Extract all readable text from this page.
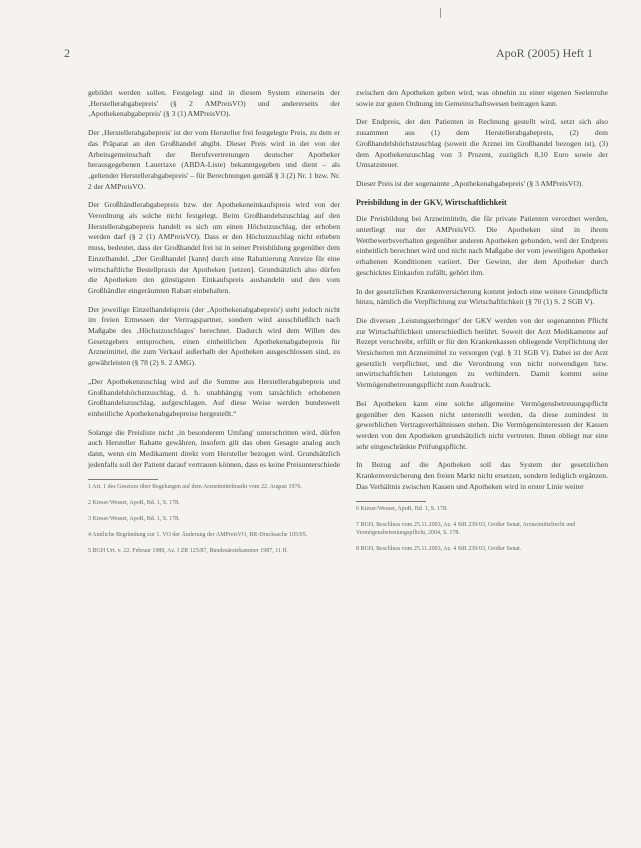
2	ApoR (2005) Heft 1

gebildet werden sollen. Festgelegt sind in diesem System einerseits der ‚Herstellerabgabepreis' (§ 2 AMPreisVO) und andererseits der ‚Apothekenabgabepreis' (§ 3 (1) AMPreisVO).

Der ‚Herstellerabgabepreis' ist der vom Hersteller frei festgelegte Preis, zu dem er das Präparat an den Großhandel abgibt. Dieser Preis wird in der von der Arbeitsgemeinschaft der Berufsvertretungen deutscher Apotheker herausgegebenen Lauertaxe (ABDA-Liste) bekanntgegeben und dient – als ‚geltender Herstellerabgabepreis' – für Berechnungen gemäß § 3 (2) Nr. 1 bzw. Nr. 2 der AMPreisVO.

Der Großhändlerabgabepreis bzw. der Apothekeneinkaufspreis wird von der Verordnung als solche nicht festgelegt. Beim Großhandelszuschlag auf den Herstellerabgabepreis handelt es sich um einen Höchstzuschlag, der erhoben werden darf (§ 2 (1) AMPreisVO). Dass er den Höchstzuschlag nicht erheben muss, bedeutet, dass der Großhandel frei ist in seiner Preisbildung gegenüber dem Einzelhandel. „Der Großhandel [kann] durch eine Rabattierung Anreize für eine wirtschaftliche Bestellpraxis der Apotheken [setzen]. Grundsätzlich also dürfen die Apotheken den günstigsten Einkaufspreis aushandeln und den vom Großhändler eingeräumten Rabatt einbehalten.

Der jeweilige Einzelhandelspreis (der ‚Apothekenabgabepreis') steht jedoch nicht im freien Ermessen der Vertragspartner, sondern wird ausschließlich nach Maßgabe des ‚Höchstzuschlages' berechnet. Dadurch wird dem Willen des Gesetzgebers entsprochen, einen einheitlichen Apothekenabgabepreis für Arzneimittel, die zum Verkauf außerhalb der Apotheken ausgeschlossen sind, zu gewährleisten (§ 78 (2) S. 2 AMG).

„Der Apothekenzuschlag wird auf die Summe aus Herstellerabgabepreis und Großhandelshöchstzuschlag, d. h. unabhängig vom tatsächlich erhobenen Großhandelszuschlag, aufgeschlagen. Auf diese Weise werden bundesweit einheitliche Apothekenabgabepreise hergestellt.“

Solange die Preisliste nicht ‚in besonderem Umfang' unterschritten wird, dürfen auch Hersteller Rabatte gewähren, insofern gilt das oben Gesagte analog auch dann, wenn ein Medikament direkt vom Hersteller bezogen wird. Grundsätzlich jedenfalls soll der Patient darauf vertrauen können, dass es keine Preisunterschiede

1 Art. 1 des Gesetzes über Regelungen auf dem Arzneimittelmarkt vom 22. August 1976.

2 Kieser/Wesser, ApoR, Bd. 1, S. 178.

3 Kieser/Wesser, ApoR, Bd. 1, S. 178.

4 Amtliche Begründung zur 1. VO der Änderung der AMPreisVO, BR-Drucksache 105/05.

5 BGH Urt. v. 22. Februar 1989, Az. I ZR 125/87, Bundesärztekammer 1987, 11 ff.

zwischen den Apotheken geben wird, was ohnehin zu einer eigenen Seelenruhe sowie zur guten Ordnung im Gemeinschaftswesen beitragen kann.

Der Endpreis, der den Patienten in Rechnung gestellt wird, setzt sich also zusammen aus (1) dem Herstellerabgabepreis, (2) dem Großhandelshöchstzuschlag (soweit die Arznei im Großhandel bezogen ist), (3) dem Apothekenzuschlag von 3 Prozent, zuzüglich 8,10 Euro sowie der Umsatzsteuer.

Dieser Preis ist der sogenannte ‚Apothekenabgabepreis' (§ 3 AMPreisVO).

Preisbildung in der GKV, Wirtschaftlichkeit

Die Preisbildung bei Arzneimitteln, die für private Patienten verordnet werden, unterliegt nur der AMPreisVO. Die Apotheken sind in ihrem Wettbewerbsverhalten gegenüber anderen Apotheken gebunden, weil der Endpreis einheitlich berechnet wird und nicht nach Maßgabe der vom jeweiligen Apotheker erhaltenen Konditionen variiert. Der Gewinn, der dem Apotheker durch geschicktes Einkaufen zufällt, gehört ihm.

In der gesetzlichen Krankenversicherung kommt jedoch eine weitere Grundpflicht hinzu, nämlich die Verpflichtung zur Wirtschaftlichkeit (§ 70 (1) S. 2 SGB V).

Die diversen ‚Leistungserbringer' der GKV werden von der sogenannten Pflicht zur Wirtschaftlichkeit unterschiedlich berührt. Soweit der Arzt Medikamente auf Rezept verschreibt, erfüllt er für den Krankenkassen obliegende Verpflichtung der Versicherten mit Arzneimittel zu versorgen (vgl. § 31 SGB V). Dabei ist der Arzt gesetzlich verpflichtet, und die Verordnung von nicht notwendigen bzw. unwirtschaftlichen Leistungen zu verhindern. Damit kommt seine Vermögensbetreuungspflicht zum Ausdruck.

Bei Apotheken kann eine solche allgemeine Vermögensbetreuungspflicht gegenüber den Kassen nicht unterstellt werden, da diese zumindest in gewerblichen Vertragsverhältnissen stehen. Die Vermögensinteressen der Kassen werden von den Apotheken grundsätzlich nicht vertreten. Ihnen obliegt nur eine sehr eingeschränkte Prüfungspflicht.

In Bezug auf die Apotheken soll das System der gesetzlichen Krankenversicherung den freien Markt nicht ersetzen, sondern lediglich ergänzen. Das Verhältnis zwischen Kassen und Apotheken wird in erster Linie weiter

6 Kieser/Wesser, ApoR, Bd. 1, S. 178.

7 BGH, Beschluss vom 25.11.2003, Az. 4 StR 239/03, Großer Senat, Arzneimittelrecht und Vermögensbetreuungspflicht, 2004, S. 178.

8 BGH, Beschluss vom 25.11.2003, Az. 4 StR 239/03, Großer Senat.
